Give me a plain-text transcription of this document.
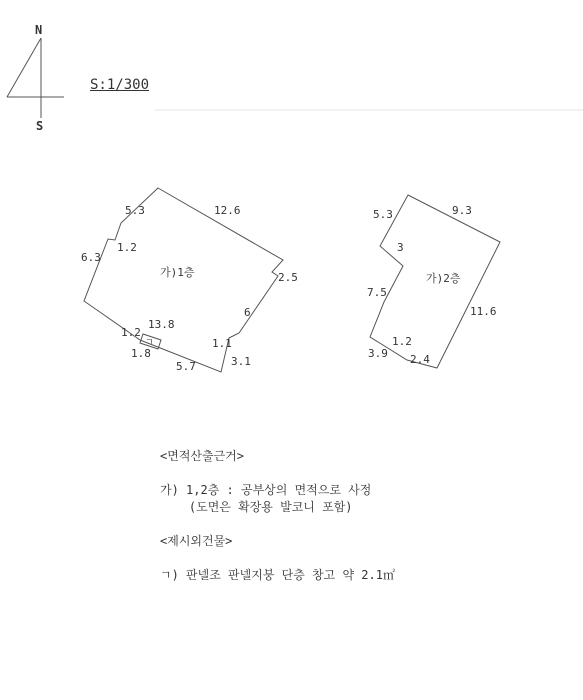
N
S
가)1층
5.3	12.6
1.2
6.3
2.5
6
1.2
13.8
1.1
ㄱ
1.8
5.7	3.1
가)2층
5.3	9.3
3
7.5
11.6
1.2
3.9 2.4
S:1/300
<면적산출근거>
가) 1,2층 : 공부상의 면적으로 사정
(도면은 확장용 발코니 포함)
<제시외건물>
ㄱ) 판넬조 판넬지붕 단층 창고 약 2.1㎡
